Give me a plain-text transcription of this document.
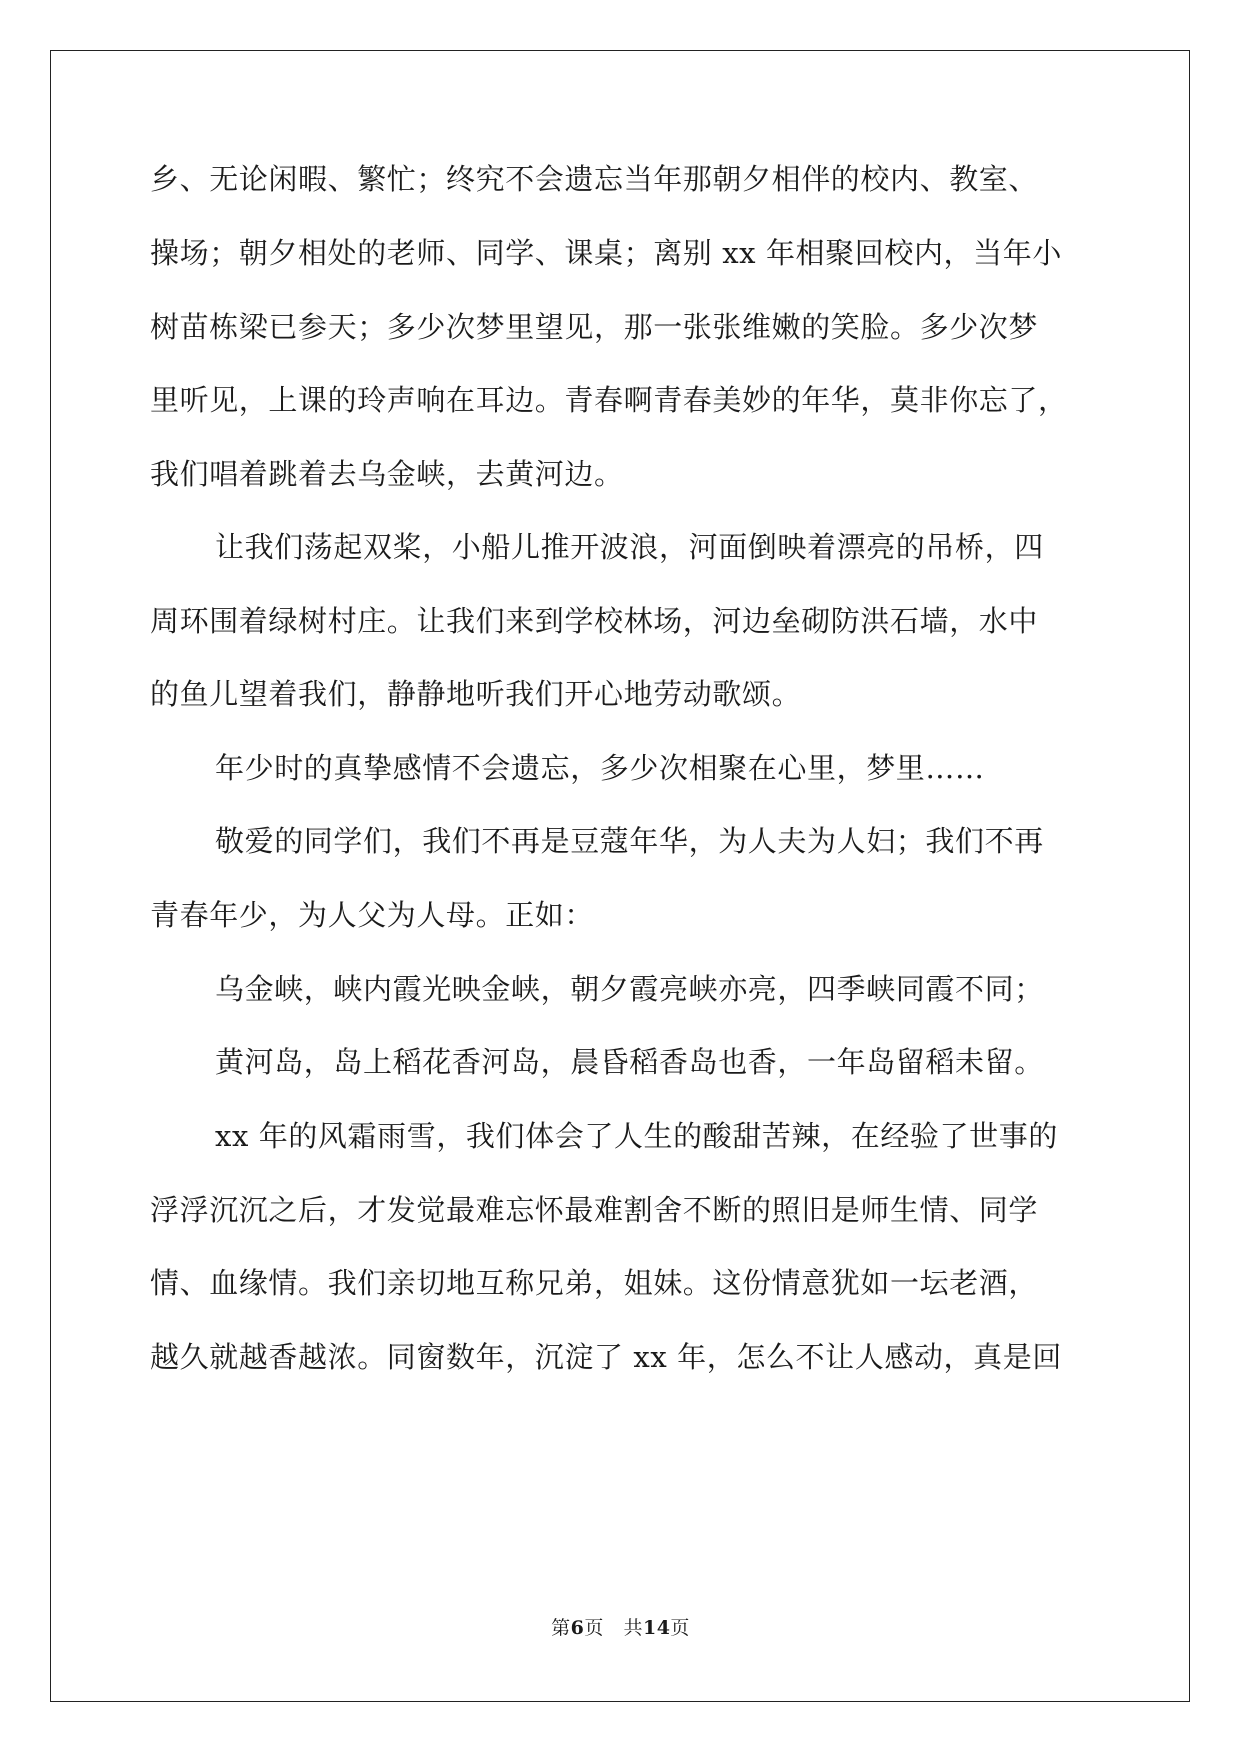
乡、无论闲暇、繁忙；终究不会遗忘当年那朝夕相伴的校内、教室、
操场；朝夕相处的老师、同学、课桌；离别 xx 年相聚回校内，当年小
树苗栋梁已参天；多少次梦里望见，那一张张维嫩的笑脸。多少次梦
里听见，上课的玲声响在耳边。青春啊青春美妙的年华，莫非你忘了，
我们唱着跳着去乌金峡，去黄河边。
让我们荡起双桨，小船儿推开波浪，河面倒映着漂亮的吊桥，四
周环围着绿树村庄。让我们来到学校林场，河边垒砌防洪石墙，水中
的鱼儿望着我们，静静地听我们开心地劳动歌颂。
年少时的真挚感情不会遗忘，多少次相聚在心里，梦里……
敬爱的同学们，我们不再是豆蔻年华，为人夫为人妇；我们不再
青春年少，为人父为人母。正如：
乌金峡，峡内霞光映金峡，朝夕霞亮峡亦亮，四季峡同霞不同；
黄河岛，岛上稻花香河岛，晨昏稻香岛也香，一年岛留稻未留。
xx 年的风霜雨雪，我们体会了人生的酸甜苦辣，在经验了世事的
浮浮沉沉之后，才发觉最难忘怀最难割舍不断的照旧是师生情、同学
情、血缘情。我们亲切地互称兄弟，姐妹。这份情意犹如一坛老酒，
越久就越香越浓。同窗数年，沉淀了 xx 年，怎么不让人感动，真是回
第6页 共14页
